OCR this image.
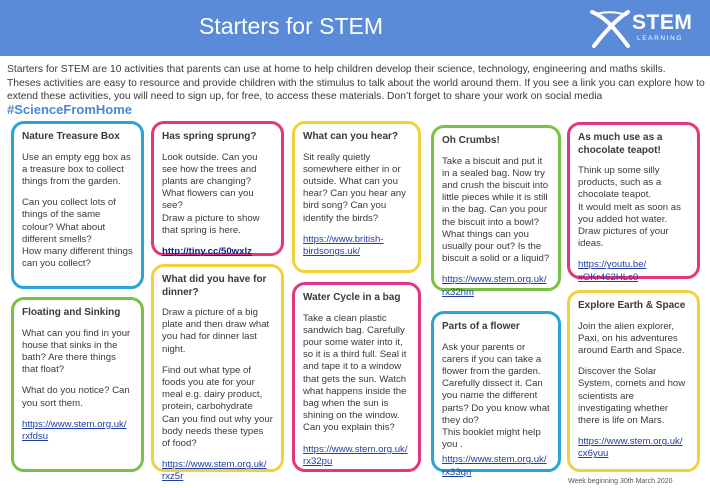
Starters for STEM	STEM
LEARNING

Starters for STEM are 10 activities that parents can use at home to help children develop their science, technology, engineering and maths skills.

Theses activities are easy to resource and provide children with the stimulus to talk about the world around them. If you see a link you can explore how to

extend these activities, you will need to sign up, for free, to access these materials. Don’t forget to share your work on social media

#ScienceFromHome
Nature Treasure Box

Use an empty egg box as a treasure box to collect things from the garden.

Can you collect lots of things of the same colour? What about different smells?

How many different things can you collect?

Has spring sprung?

Look outside. Can you see how the trees and plants are changing?

What flowers can you see?

Draw a picture to show that spring is here.

http://tiny.cc/50wxlz
What can you hear?

Sit really quietly somewhere either in or outside. What can you hear? Can you hear any bird song? Can you identify the birds?

https://www.british-
birdsongs.uk/
Oh Crumbs!

Take a biscuit and put it in a sealed bag. Now try and crush the biscuit into little pieces while it is still in the bag. Can you pour the biscuit into a bowl? What things can you usually pour out? Is the biscuit a solid or a liquid?

https://www.stem.org.uk/
rx32hm
As much use as a chocolate teapot!

Think up some silly products, such as a chocolate teapot.

It would melt as soon as you added hot water.

Draw pictures of your ideas.

https://youtu.be/
xOKr462HLc0
Floating and Sinking

What can you find in your house that sinks in the bath? Are there things that float?

What do you notice? Can you sort them.

https://www.stem.org.uk/
rxfdsu
What did you have for dinner?

Draw a picture of a big plate and then draw what you had for dinner last night.

Find out what type of foods you ate for your meal e.g. dairy product, protein, carbohydrate

Can you find out why your body needs these types of food?

https://www.stem.org.uk/
rxz5r
Water Cycle in a bag

Take a clean plastic sandwich bag. Carefully pour some water into it, so it is a third full. Seal it and tape it to a window that gets the sun. Watch what happens inside the bag when the sun is shining on the window. Can you explain this?

https://www.stem.org.uk/
rx32pu
Parts of a flower

Ask your parents or carers if you can take a flower from the garden. Carefully dissect it. Can you name the different parts? Do you know what they do?

This booklet might help you .

https://www.stem.org.uk/
rx33qn
Explore Earth & Space

Join the alien explorer, Paxi, on his adventures around Earth and Space.

Discover the Solar System, comets and how scientists are investigating whether there is life on Mars.

https://www.stem.org.uk/
cx6yuu
Week beginning 30th March 2020
